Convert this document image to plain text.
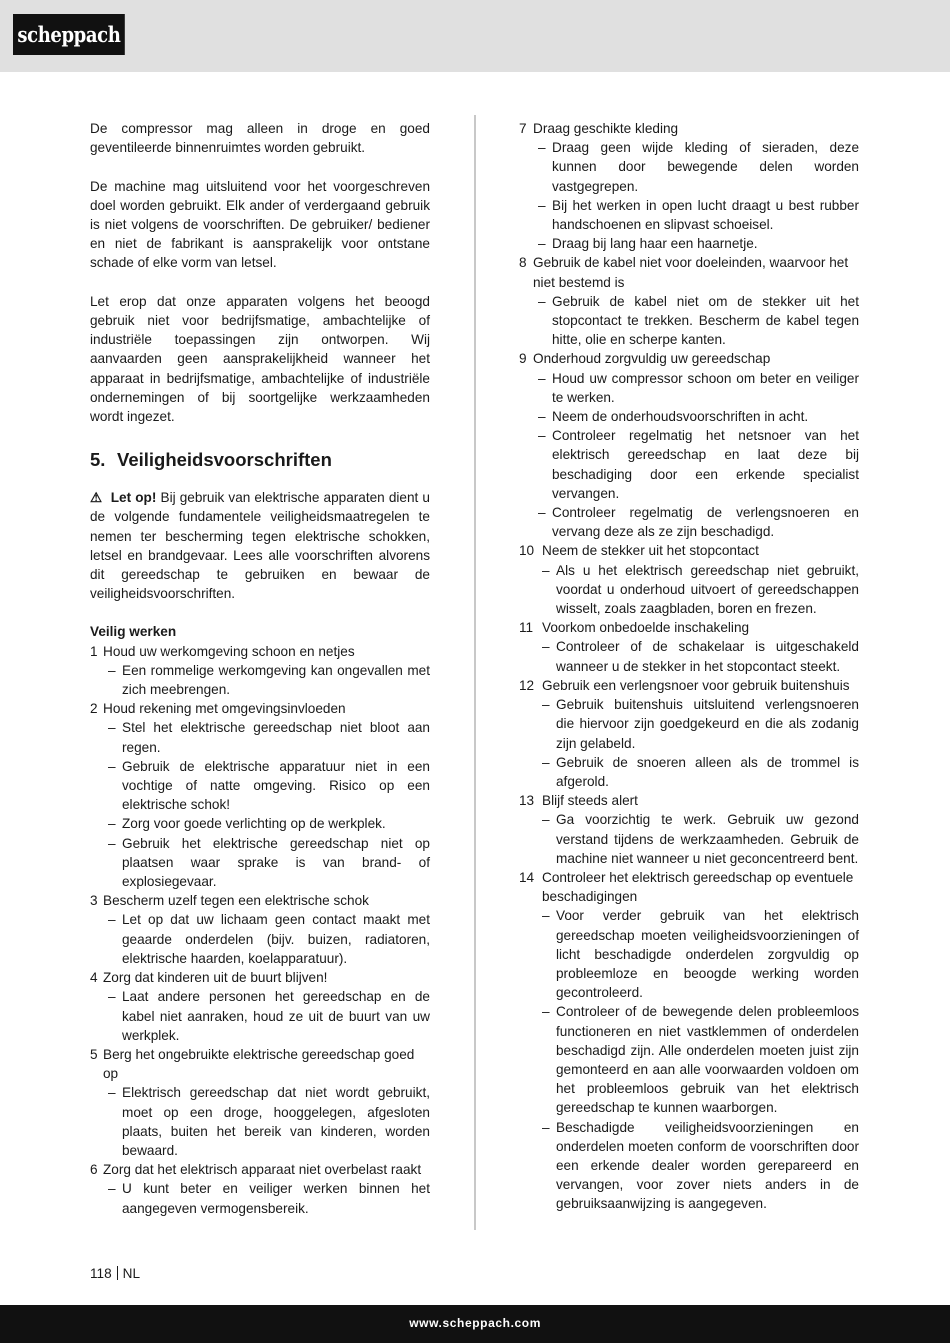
scheppach

De compressor mag alleen in droge en goed geventileerde binnenruimtes worden gebruikt.

De machine mag uitsluitend voor het voorgeschreven doel worden gebruikt. Elk ander of verdergaand gebruik is niet volgens de voorschriften. De gebruiker/ bediener en niet de fabrikant is aansprakelijk voor ontstane schade of elke vorm van letsel.

Let erop dat onze apparaten volgens het beoogd gebruik niet voor bedrijfsmatige, ambachtelijke of industriële toepassingen zijn ontworpen. Wij aanvaarden geen aansprakelijkheid wanneer het apparaat in bedrijfsmatige, ambachtelijke of industriële ondernemingen of bij soortgelijke werkzaamheden wordt ingezet.

5. Veiligheidsvoorschriften

⚠ Let op! Bij gebruik van elektrische apparaten dient u de volgende fundamentele veiligheidsmaatregelen te nemen ter bescherming tegen elektrische schokken, letsel en brandgevaar. Lees alle voorschriften alvorens dit gereedschap te gebruiken en bewaar de veiligheidsvoorschriften.

Veilig werken
1 Houd uw werkomgeving schoon en netjes
– Een rommelige werkomgeving kan ongevallen met zich meebrengen.
2 Houd rekening met omgevingsinvloeden
– Stel het elektrische gereedschap niet bloot aan regen.
– Gebruik de elektrische apparatuur niet in een vochtige of natte omgeving. Risico op een elektrische schok!
– Zorg voor goede verlichting op de werkplek.
– Gebruik het elektrische gereedschap niet op plaatsen waar sprake is van brand- of explosiegevaar.
3 Bescherm uzelf tegen een elektrische schok
– Let op dat uw lichaam geen contact maakt met geaarde onderdelen (bijv. buizen, radiatoren, elektrische haarden, koelapparatuur).
4 Zorg dat kinderen uit de buurt blijven!
– Laat andere personen het gereedschap en de kabel niet aanraken, houd ze uit de buurt van uw werkplek.
5 Berg het ongebruikte elektrische gereedschap goed op
– Elektrisch gereedschap dat niet wordt gebruikt, moet op een droge, hooggelegen, afgesloten plaats, buiten het bereik van kinderen, worden bewaard.
6 Zorg dat het elektrisch apparaat niet overbelast raakt
– U kunt beter en veiliger werken binnen het aangegeven vermogensbereik.
7 Draag geschikte kleding
– Draag geen wijde kleding of sieraden, deze kunnen door bewegende delen worden vastgegrepen.
– Bij het werken in open lucht draagt u best rubber handschoenen en slipvast schoeisel.
– Draag bij lang haar een haarnetje.
8 Gebruik de kabel niet voor doeleinden, waarvoor het niet bestemd is
– Gebruik de kabel niet om de stekker uit het stopcontact te trekken. Bescherm de kabel tegen hitte, olie en scherpe kanten.
9 Onderhoud zorgvuldig uw gereedschap
– Houd uw compressor schoon om beter en veiliger te werken.
– Neem de onderhoudsvoorschriften in acht.
– Controleer regelmatig het netsnoer van het elektrisch gereedschap en laat deze bij beschadiging door een erkende specialist vervangen.
– Controleer regelmatig de verlengsnoeren en vervang deze als ze zijn beschadigd.
10 Neem de stekker uit het stopcontact
– Als u het elektrisch gereedschap niet gebruikt, voordat u onderhoud uitvoert of gereedschappen wisselt, zoals zaagbladen, boren en frezen.
11 Voorkom onbedoelde inschakeling
– Controleer of de schakelaar is uitgeschakeld wanneer u de stekker in het stopcontact steekt.
12 Gebruik een verlengsnoer voor gebruik buitenshuis
– Gebruik buitenshuis uitsluitend verlengsnoeren die hiervoor zijn goedgekeurd en die als zodanig zijn gelabeld.
– Gebruik de snoeren alleen als de trommel is afgerold.
13 Blijf steeds alert
– Ga voorzichtig te werk. Gebruik uw gezond verstand tijdens de werkzaamheden. Gebruik de machine niet wanneer u niet geconcentreerd bent.
14 Controleer het elektrisch gereedschap op eventuele beschadigingen
– Voor verder gebruik van het elektrisch gereedschap moeten veiligheidsvoorzieningen of licht beschadigde onderdelen zorgvuldig op probleemloze en beoogde werking worden gecontroleerd.
– Controleer of de bewegende delen probleemloos functioneren en niet vastklemmen of onderdelen beschadigd zijn. Alle onderdelen moeten juist zijn gemonteerd en aan alle voorwaarden voldoen om het probleemloos gebruik van het elektrisch gereedschap te kunnen waarborgen.
– Beschadigde veiligheidsvoorzieningen en onderdelen moeten conform de voorschriften door een erkende dealer worden gerepareerd en vervangen, voor zover niets anders in de gebruiksaanwijzing is aangegeven.
118 NL
www.scheppach.com
